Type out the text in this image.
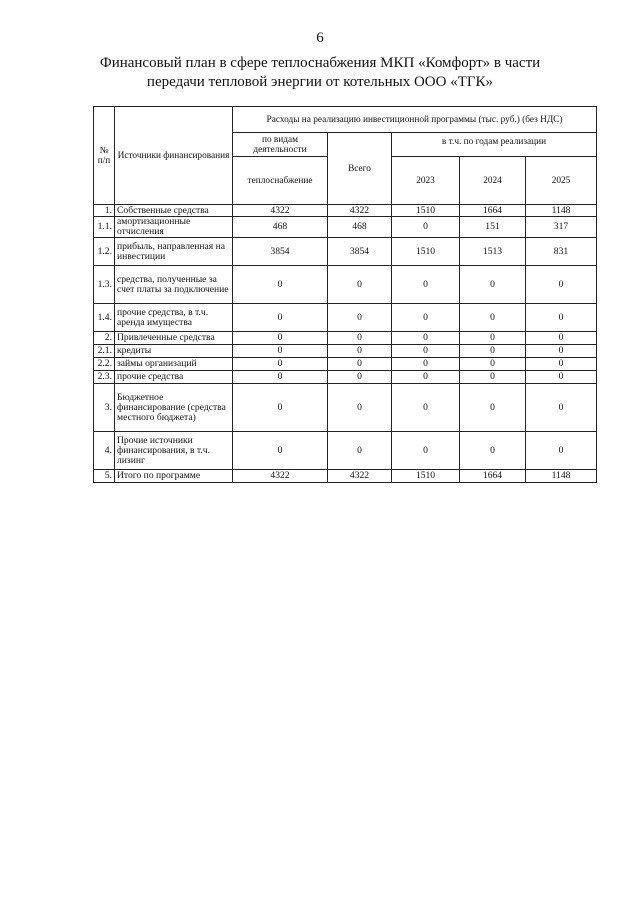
6
Финансовый план в сфере теплоснабжения МКП «Комфорт» в части
передачи тепловой энергии от котельных ООО «ТГК»
№ п/п	Источники финансирования	Расходы на реализацию инвестиционной программы (тыс. руб.) (без НДС)				
		по видам деятельности	Всего	в т.ч. по годам реализации		
		теплоснабжение		2023	2024	2025
1.	Собственные средства	4322	4322	1510	1664	1148
1.1.	амортизационные отчисления	468	468	0	151	317
1.2.	прибыль, направленная на инвестиции	3854	3854	1510	1513	831
1.3.	средства, полученные за счет платы за подключение	0	0	0	0	0
1.4.	прочие средства, в т.ч. аренда имущества	0	0	0	0	0
2.	Привлеченные средства	0	0	0	0	0
2.1.	кредиты	0	0	0	0	0
2.2.	займы организаций	0	0	0	0	0
2.3.	прочие средства	0	0	0	0	0
3.	Бюджетное финансирование (средства местного бюджета)	0	0	0	0	0
4.	Прочие источники финансирования, в т.ч. лизинг	0	0	0	0	0
5.	Итого по программе	4322	4322	1510	1664	1148
